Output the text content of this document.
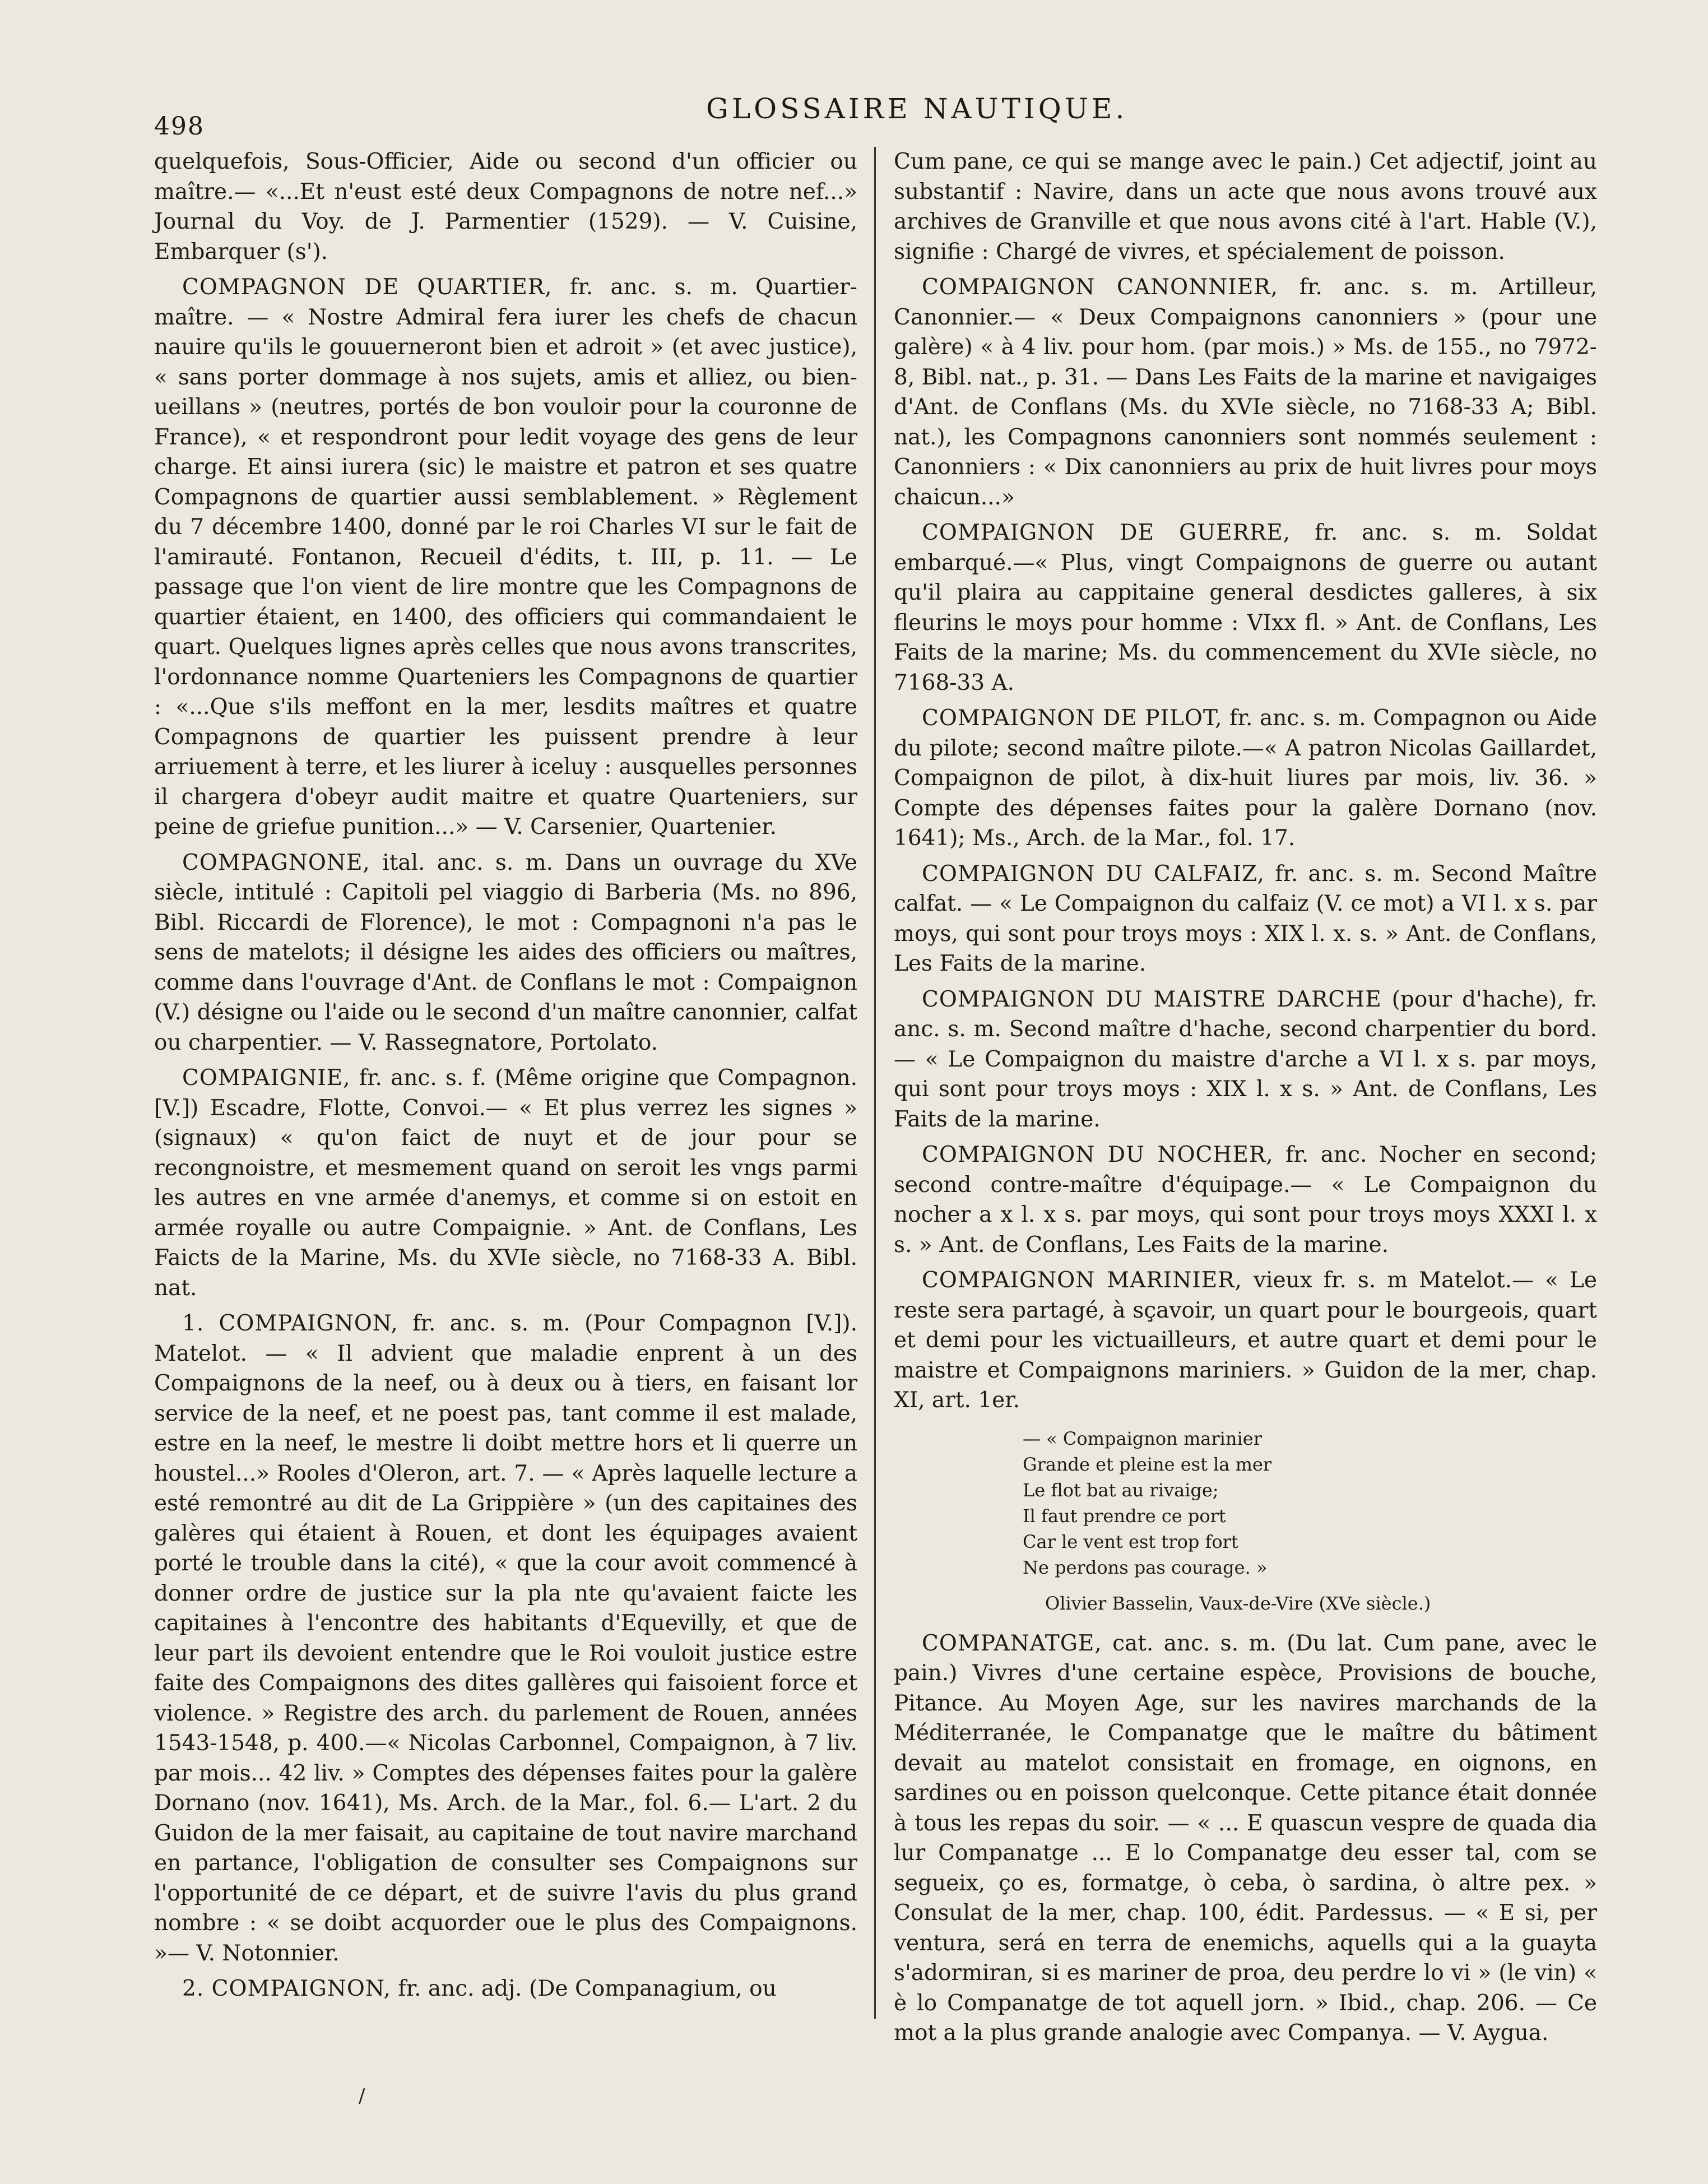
498
GLOSSAIRE NAUTIQUE.

quelquefois, Sous-Officier, Aide ou second d'un officier ou maître.— «...Et n'eust esté deux Compagnons de notre nef...» Journal du Voy. de J. Parmentier (1529). — V. Cuisine, Embarquer (s').

COMPAGNON DE QUARTIER, fr. anc. s. m. Quartier-maître. — « Nostre Admiral fera iurer les chefs de chacun nauire qu'ils le gouuerneront bien et adroit » (et avec justice), « sans porter dommage à nos sujets, amis et alliez, ou bien-ueillans » (neutres, portés de bon vouloir pour la couronne de France), « et respondront pour ledit voyage des gens de leur charge. Et ainsi iurera (sic) le maistre et patron et ses quatre Compagnons de quartier aussi semblablement. » Règlement du 7 décembre 1400, donné par le roi Charles VI sur le fait de l'amirauté. Fontanon, Recueil d'édits, t. III, p. 11. — Le passage que l'on vient de lire montre que les Compagnons de quartier étaient, en 1400, des officiers qui commandaient le quart. Quelques lignes après celles que nous avons transcrites, l'ordonnance nomme Quarteniers les Compagnons de quartier : «...Que s'ils meffont en la mer, lesdits maîtres et quatre Compagnons de quartier les puissent prendre à leur arriuement à terre, et les liurer à iceluy : ausquelles personnes il chargera d'obeyr audit maitre et quatre Quarteniers, sur peine de griefue punition...» — V. Carsenier, Quartenier.

COMPAGNONE, ital. anc. s. m. Dans un ouvrage du XVe siècle, intitulé : Capitoli pel viaggio di Barberia (Ms. no 896, Bibl. Riccardi de Florence), le mot : Compagnoni n'a pas le sens de matelots; il désigne les aides des officiers ou maîtres, comme dans l'ouvrage d'Ant. de Conflans le mot : Compaignon (V.) désigne ou l'aide ou le second d'un maître canonnier, calfat ou charpentier. — V. Rassegnatore, Portolato.

COMPAIGNIE, fr. anc. s. f. (Même origine que Compagnon. [V.]) Escadre, Flotte, Convoi.— « Et plus verrez les signes » (signaux) « qu'on faict de nuyt et de jour pour se recongnoistre, et mesmement quand on seroit les vngs parmi les autres en vne armée d'anemys, et comme si on estoit en armée royalle ou autre Compaignie. » Ant. de Conflans, Les Faicts de la Marine, Ms. du XVIe siècle, no 7168-33 A. Bibl. nat.

1. COMPAIGNON, fr. anc. s. m. (Pour Compagnon [V.]). Matelot. — « Il advient que maladie enprent à un des Compaignons de la neef, ou à deux ou à tiers, en faisant lor service de la neef, et ne poest pas, tant comme il est malade, estre en la neef, le mestre li doibt mettre hors et li querre un houstel...» Rooles d'Oleron, art. 7. — « Après laquelle lecture a esté remontré au dit de La Grippière » (un des capitaines des galères qui étaient à Rouen, et dont les équipages avaient porté le trouble dans la cité), « que la cour avoit commencé à donner ordre de justice sur la pla nte qu'avaient faicte les capitaines à l'encontre des habitants d'Equevilly, et que de leur part ils devoient entendre que le Roi vouloit justice estre faite des Compaignons des dites gallères qui faisoient force et violence. » Registre des arch. du parlement de Rouen, années 1543-1548, p. 400.—« Nicolas Carbonnel, Compaignon, à 7 liv. par mois... 42 liv. » Comptes des dépenses faites pour la galère Dornano (nov. 1641), Ms. Arch. de la Mar., fol. 6.— L'art. 2 du Guidon de la mer faisait, au capitaine de tout navire marchand en partance, l'obligation de consulter ses Compaignons sur l'opportunité de ce départ, et de suivre l'avis du plus grand nombre : « se doibt acquorder oue le plus des Compaignons. »— V. Notonnier.

2. COMPAIGNON, fr. anc. adj. (De Companagium, ou

Cum pane, ce qui se mange avec le pain.) Cet adjectif, joint au substantif : Navire, dans un acte que nous avons trouvé aux archives de Granville et que nous avons cité à l'art. Hable (V.), signifie : Chargé de vivres, et spécialement de poisson.

COMPAIGNON CANONNIER, fr. anc. s. m. Artilleur, Canonnier.— « Deux Compaignons canonniers » (pour une galère) « à 4 liv. pour hom. (par mois.) » Ms. de 155., no 7972-8, Bibl. nat., p. 31. — Dans Les Faits de la marine et navigaiges d'Ant. de Conflans (Ms. du XVIe siècle, no 7168-33 A; Bibl. nat.), les Compagnons canonniers sont nommés seulement : Canonniers : « Dix canonniers au prix de huit livres pour moys chaicun...»

COMPAIGNON DE GUERRE, fr. anc. s. m. Soldat embarqué.—« Plus, vingt Compaignons de guerre ou autant qu'il plaira au cappitaine general desdictes galleres, à six fleurins le moys pour homme : VIxx fl. » Ant. de Conflans, Les Faits de la marine; Ms. du commencement du XVIe siècle, no 7168-33 A.

COMPAIGNON DE PILOT, fr. anc. s. m. Compagnon ou Aide du pilote; second maître pilote.—« A patron Nicolas Gaillardet, Compaignon de pilot, à dix-huit liures par mois, liv. 36. » Compte des dépenses faites pour la galère Dornano (nov. 1641); Ms., Arch. de la Mar., fol. 17.

COMPAIGNON DU CALFAIZ, fr. anc. s. m. Second Maître calfat. — « Le Compaignon du calfaiz (V. ce mot) a VI l. x s. par moys, qui sont pour troys moys : XIX l. x. s. » Ant. de Conflans, Les Faits de la marine.

COMPAIGNON DU MAISTRE DARCHE (pour d'hache), fr. anc. s. m. Second maître d'hache, second charpentier du bord. — « Le Compaignon du maistre d'arche a VI l. x s. par moys, qui sont pour troys moys : XIX l. x s. » Ant. de Conflans, Les Faits de la marine.

COMPAIGNON DU NOCHER, fr. anc. Nocher en second; second contre-maître d'équipage.— « Le Compaignon du nocher a x l. x s. par moys, qui sont pour troys moys XXXI l. x s. » Ant. de Conflans, Les Faits de la marine.

COMPAIGNON MARINIER, vieux fr. s. m Matelot.— « Le reste sera partagé, à sçavoir, un quart pour le bourgeois, quart et demi pour les victuailleurs, et autre quart et demi pour le maistre et Compaignons mariniers. » Guidon de la mer, chap. XI, art. 1er.

— « Compaignon marinier
Grande et pleine est la mer
Le flot bat au rivaige;
Il faut prendre ce port
Car le vent est trop fort
Ne perdons pas courage. »
Olivier Basselin, Vaux-de-Vire (XVe siècle.)

COMPANATGE, cat. anc. s. m. (Du lat. Cum pane, avec le pain.) Vivres d'une certaine espèce, Provisions de bouche, Pitance. Au Moyen Age, sur les navires marchands de la Méditerranée, le Companatge que le maître du bâtiment devait au matelot consistait en fromage, en oignons, en sardines ou en poisson quelconque. Cette pitance était donnée à tous les repas du soir. — « ... E quascun vespre de quada dia lur Companatge ... E lo Companatge deu esser tal, com se segueix, ço es, formatge, ò ceba, ò sardina, ò altre pex. » Consulat de la mer, chap. 100, édit. Pardessus. — « E si, per ventura, será en terra de enemichs, aquells qui a la guayta s'adormiran, si es mariner de proa, deu perdre lo vi » (le vin) « è lo Companatge de tot aquell jorn. » Ibid., chap. 206. — Ce mot a la plus grande analogie avec Companya. — V. Aygua.

/
